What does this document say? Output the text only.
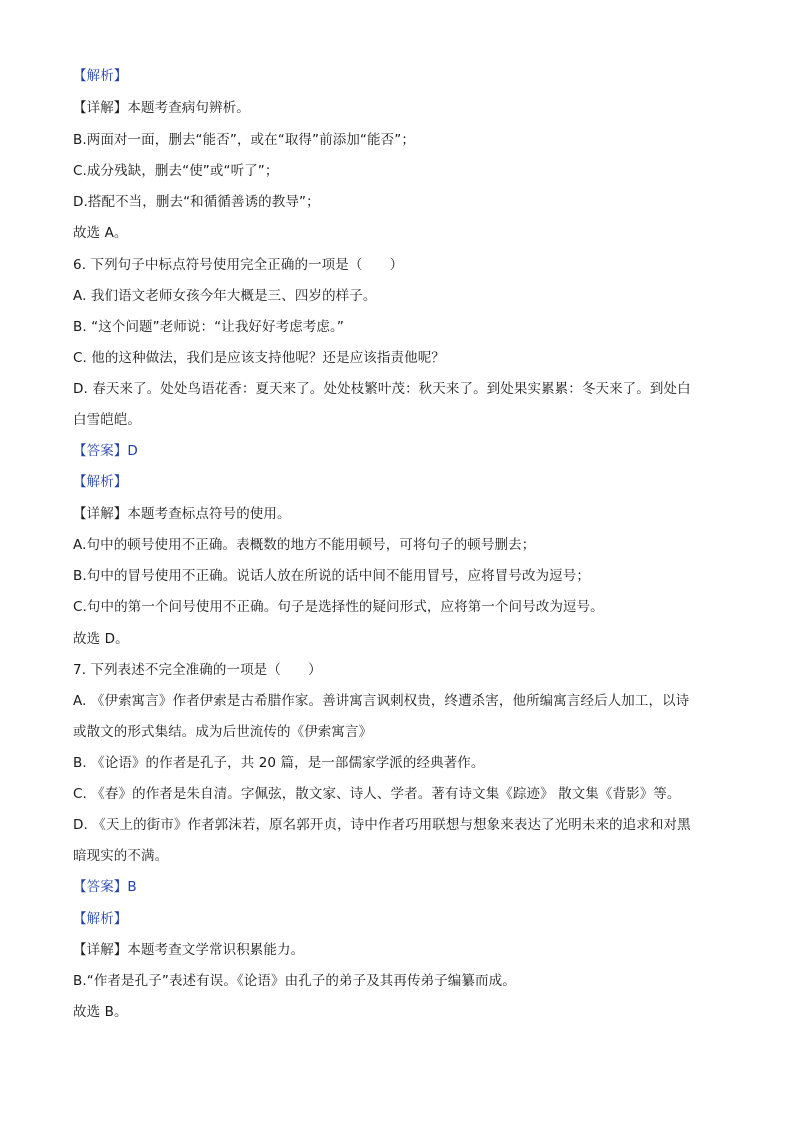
【解析】
【详解】本题考查病句辨析。
B.两面对一面，删去“能否”，或在“取得”前添加“能否”；
C.成分残缺，删去“使”或“听了”；
D.搭配不当，删去“和循循善诱的教导”；
故选 A。
6. 下列句子中标点符号使用完全正确的一项是（　　）
A. 我们语文老师女孩今年大概是三、四岁的样子。
B. “这个问题”老师说：“让我好好考虑考虑。”
C. 他的这种做法，我们是应该支持他呢？还是应该指责他呢？
D. 春天来了。处处鸟语花香：夏天来了。处处枝繁叶茂：秋天来了。到处果实累累：冬天来了。到处白
白雪皑皑。
【答案】D
【解析】
【详解】本题考查标点符号的使用。
A.句中的顿号使用不正确。表概数的地方不能用顿号，可将句子的顿号删去；
B.句中的冒号使用不正确。说话人放在所说的话中间不能用冒号，应将冒号改为逗号；
C.句中的第一个问号使用不正确。句子是选择性的疑问形式，应将第一个问号改为逗号。
故选 D。
7. 下列表述不完全准确的一项是（　　）
A. 《伊索寓言》作者伊索是古希腊作家。善讲寓言讽刺权贵，终遭杀害，他所编寓言经后人加工，以诗
或散文的形式集结。成为后世流传的《伊索寓言》
B. 《论语》的作者是孔子，共 20 篇，是一部儒家学派的经典著作。
C. 《春》的作者是朱自清。字佩弦，散文家、诗人、学者。著有诗文集《踪迹》 散文集《背影》等。
D. 《天上的街市》作者郭沫若，原名郭开贞，诗中作者巧用联想与想象来表达了光明未来的追求和对黑
暗现实的不满。
【答案】B
【解析】
【详解】本题考查文学常识积累能力。
B.“作者是孔子”表述有误。《论语》由孔子的弟子及其再传弟子编纂而成。
故选 B。
